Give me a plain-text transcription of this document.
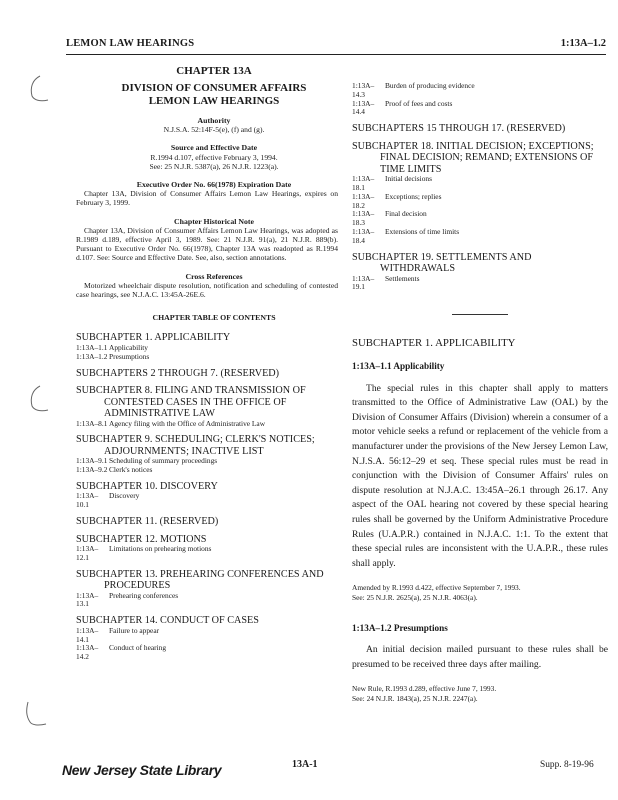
LEMON LAW HEARINGS	1:13A–1.2

CHAPTER 13A

DIVISION OF CONSUMER AFFAIRS

LEMON LAW HEARINGS

Authority

N.J.S.A. 52:14F-5(e), (f) and (g).

Source and Effective Date

R.1994 d.107, effective February 3, 1994.

See: 25 N.J.R. 5387(a), 26 N.J.R. 1223(a).

Executive Order No. 66(1978) Expiration Date

Chapter 13A, Division of Consumer Affairs Lemon Law Hearings, expires on February 3, 1999.

Chapter Historical Note

Chapter 13A, Division of Consumer Affairs Lemon Law Hearings, was adopted as R.1989 d.189, effective April 3, 1989. See: 21 N.J.R. 91(a), 21 N.J.R. 889(b). Pursuant to Executive Order No. 66(1978), Chapter 13A was readopted as R.1994 d.107. See: Source and Effective Date. See, also, section annotations.

Cross References

Motorized wheelchair dispute resolution, notification and scheduling of contested case hearings, see N.J.A.C. 13:45A-26E.6.

CHAPTER TABLE OF CONTENTS

SUBCHAPTER 1. APPLICABILITY

1:13A–1.1 Applicability
1:13A–1.2 Presumptions

SUBCHAPTERS 2 THROUGH 7. (RESERVED)

SUBCHAPTER 8. FILING AND TRANSMISSION OF CONTESTED CASES IN THE OFFICE OF ADMINISTRATIVE LAW

1:13A–8.1 Agency filing with the Office of Administrative Law

SUBCHAPTER 9. SCHEDULING; CLERK'S NOTICES; ADJOURNMENTS; INACTIVE LIST

1:13A–9.1 Scheduling of summary proceedings
1:13A–9.2 Clerk's notices

SUBCHAPTER 10. DISCOVERY

1:13A–10.1
Discovery

SUBCHAPTER 11. (RESERVED)

SUBCHAPTER 12. MOTIONS

1:13A–12.1
Limitations on prehearing motions

SUBCHAPTER 13. PREHEARING CONFERENCES AND PROCEDURES

1:13A–13.1
Prehearing conferences

SUBCHAPTER 14. CONDUCT OF CASES

1:13A–14.1
Failure to appear
1:13A–14.2
Conduct of hearing
1:13A–14.3
Burden of producing evidence
1:13A–14.4
Proof of fees and costs

SUBCHAPTERS 15 THROUGH 17. (RESERVED)

SUBCHAPTER 18. INITIAL DECISION; EXCEPTIONS; FINAL DECISION; REMAND; EXTENSIONS OF TIME LIMITS

1:13A–18.1
Initial decisions
1:13A–18.2
Exceptions; replies
1:13A–18.3
Final decision
1:13A–18.4
Extensions of time limits

SUBCHAPTER 19. SETTLEMENTS AND WITHDRAWALS

1:13A–19.1
Settlements

SUBCHAPTER 1. APPLICABILITY

1:13A–1.1 Applicability

The special rules in this chapter shall apply to matters transmitted to the Office of Administrative Law (OAL) by the Division of Consumer Affairs (Division) wherein a consumer of a motor vehicle seeks a refund or replacement of the vehicle from a manufacturer under the provisions of the New Jersey Lemon Law, N.J.S.A. 56:12–29 et seq. These special rules must be read in conjunction with the Division of Consumer Affairs' rules on dispute resolution at N.J.A.C. 13:45A–26.1 through 26.17. Any aspect of the OAL hearing not covered by these special hearing rules shall be governed by the Uniform Administrative Procedure Rules (U.A.P.R.) contained in N.J.A.C. 1:1. To the extent that these special rules are inconsistent with the U.A.P.R., these rules shall apply.

Amended by R.1993 d.422, effective September 7, 1993.

See: 25 N.J.R. 2625(a), 25 N.J.R. 4063(a).

1:13A–1.2 Presumptions

An initial decision mailed pursuant to these rules shall be presumed to be received three days after mailing.

New Rule, R.1993 d.289, effective June 7, 1993.

See: 24 N.J.R. 1843(a), 25 N.J.R. 2247(a).

New Jersey State Library	13A-1	Supp. 8-19-96
